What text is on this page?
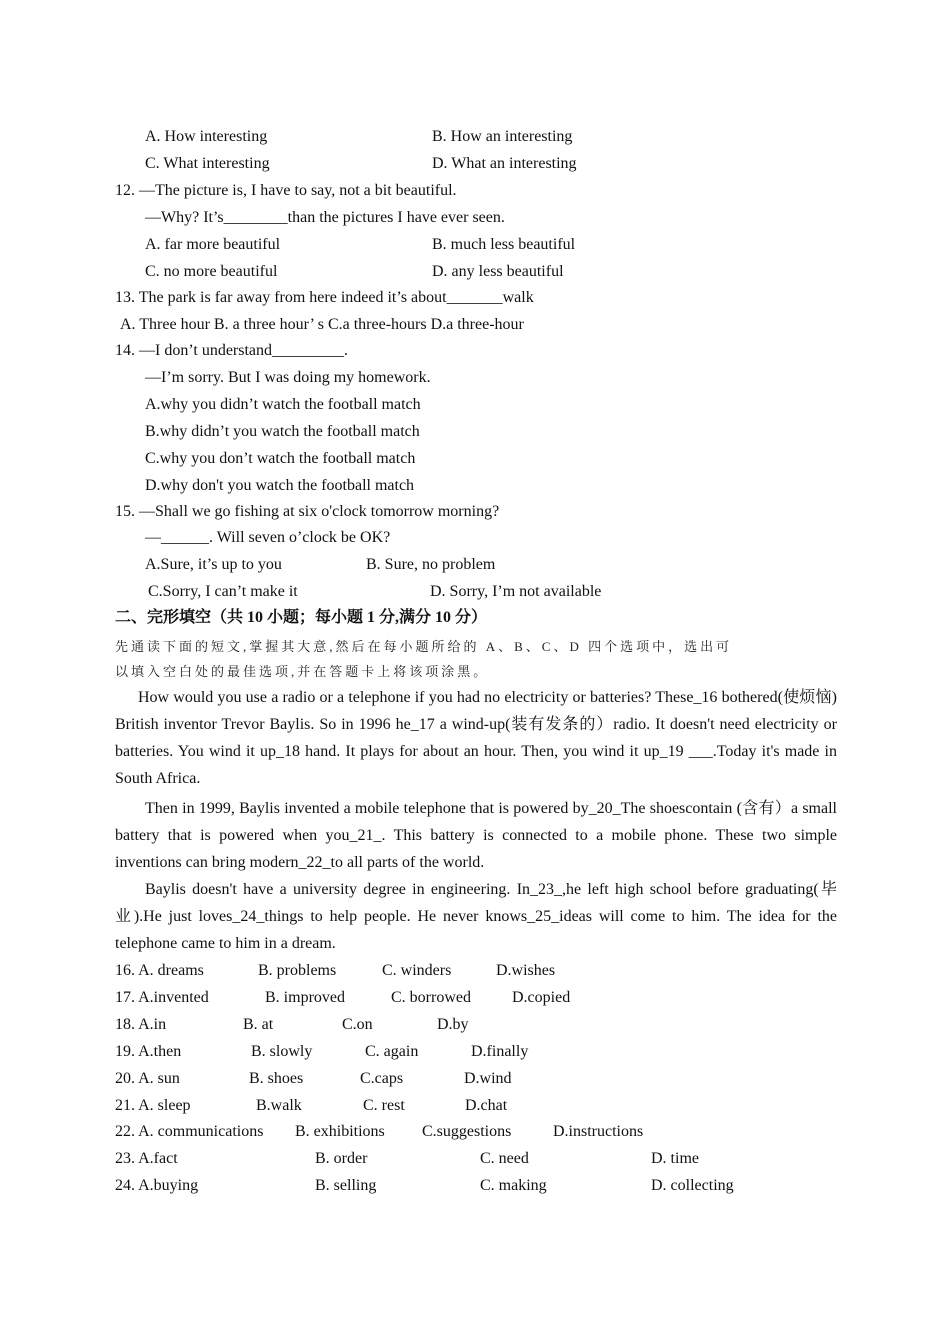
A. How interesting	B. How an interesting
C. What interesting	D. What an interesting
12. —The picture is, I have to say, not a bit beautiful.
—Why? It’s________than the pictures I have ever seen.
A. far more beautiful	B. much less beautiful
C. no more beautiful	D. any less beautiful
13. The park is far away from here indeed it’s about_______walk
A. Three hour B. a three hour’ s C.a three-hours D.a three-hour
14. —I don’t understand_________.
—I’m sorry. But I was doing my homework.
A.why you didn’t watch the football match
B.why didn’t you watch the football match
C.why you don’t watch the football match
D.why don't you watch the football match
15. —Shall we go fishing at six o'clock tomorrow morning?
—______. Will seven o’clock be OK?
A.Sure, it’s up to you	B. Sure, no problem
C.Sorry, I can’t make it	D. Sorry, I’m not available
二、完形填空（共 10 小题；每小题 1 分,满分 10 分）
先通读下面的短文,掌握其大意,然后在每小题所给的 A、B、C、D 四个选项中，选出可
以填入空白处的最佳选项,并在答题卡上将该项涂黑。
How would you use a radio or a telephone if you had no electricity or batteries? These_16 bothered(使烦恼) British inventor Trevor Baylis. So in 1996 he_17 a wind-up(装有发条的）radio. It doesn't need electricity or batteries. You wind it up_18 hand. It plays for about an hour. Then, you wind it up_19 ___.Today it's made in South Africa.
Then in 1999, Baylis invented a mobile telephone that is powered by_20_The shoescontain (含有）a small battery that is powered when you_21_. This battery is connected to a mobile phone. These two simple inventions can bring modern_22_to all parts of the world.
Baylis doesn't have a university degree in engineering. In_23_,he left high school before graduating(毕业).He just loves_24_things to help people. He never knows_25_ideas will come to him. The idea for the telephone came to him in a dream.
16. A. dreams	B. problems	C. winders	D.wishes
17. A.invented	B. improved	C. borrowed	D.copied
18. A.in	B. at	C.on	D.by
19. A.then	B. slowly	C. again	D.finally
20. A. sun	B. shoes	C.caps	D.wind
21. A. sleep	B.walk	C. rest	D.chat
22. A. communications B. exhibitions C.suggestions	D.instructions
23. A.fact	B. order	C. need	D. time
24. A.buying	B. selling	C. making	D. collecting
